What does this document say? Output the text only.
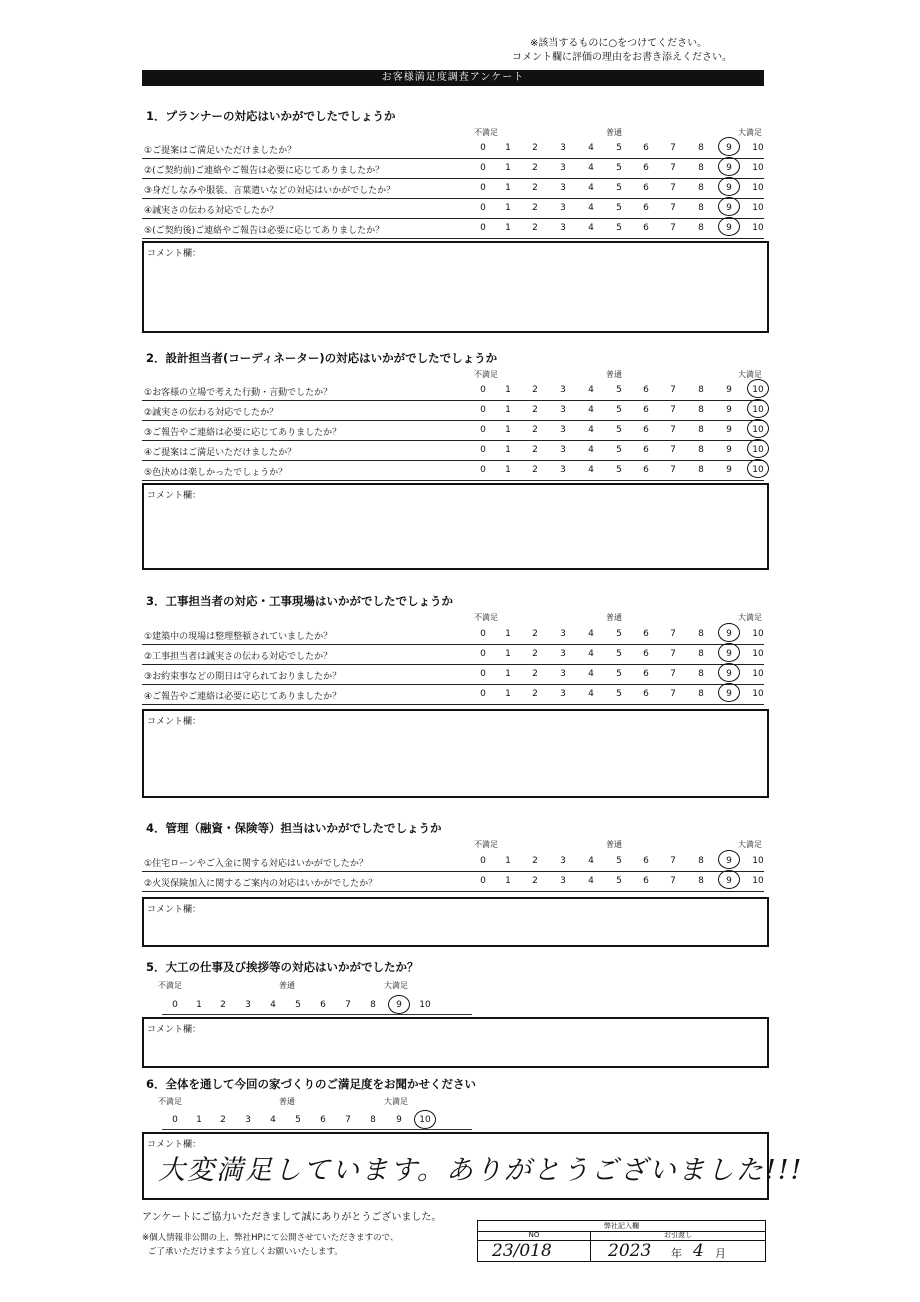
※該当するものに○をつけてください。
コメント欄に評価の理由をお書き添えください。
お客様満足度調査アンケート
1．プランナーの対応はいかがでしたでしょうか
不満足	普通	大満足
①ご提案はご満足いただけましたか？	0	1	2	3	4	5	6	7	8	9	10
②(ご契約前)ご連絡やご報告は必要に応じてありましたか？	0	1	2	3	4	5	6	7	8	9	10
③身だしなみや服装、言葉遣いなどの対応はいかがでしたか？	0	1	2	3	4	5	6	7	8	9	10
④誠実さの伝わる対応でしたか？	0	1	2	3	4	5	6	7	8	9	10
⑤(ご契約後)ご連絡やご報告は必要に応じてありましたか？	0	1	2	3	4	5	6	7	8	9	10
コメント欄：
2．設計担当者(コーディネーター)の対応はいかがでしたでしょうか
不満足	普通	大満足
①お客様の立場で考えた行動・言動でしたか？	0	1	2	3	4	5	6	7	8	9	10
②誠実さの伝わる対応でしたか？	0	1	2	3	4	5	6	7	8	9	10
③ご報告やご連絡は必要に応じてありましたか？	0	1	2	3	4	5	6	7	8	9	10
④ご提案はご満足いただけましたか？	0	1	2	3	4	5	6	7	8	9	10
⑤色決めは楽しかったでしょうか？	0	1	2	3	4	5	6	7	8	9	10
コメント欄：
3．工事担当者の対応・工事現場はいかがでしたでしょうか
不満足	普通	大満足
①建築中の現場は整理整頓されていましたか？	0	1	2	3	4	5	6	7	8	9	10
②工事担当者は誠実さの伝わる対応でしたか？	0	1	2	3	4	5	6	7	8	9	10
③お約束事などの期日は守られておりましたか？	0	1	2	3	4	5	6	7	8	9	10
④ご報告やご連絡は必要に応じてありましたか？	0	1	2	3	4	5	6	7	8	9	10
コメント欄：
4．管理（融資・保険等）担当はいかがでしたでしょうか
不満足	普通	大満足
①住宅ローンやご入金に関する対応はいかがでしたか？	0	1	2	3	4	5	6	7	8	9	10
②火災保険加入に関するご案内の対応はいかがでしたか？	0	1	2	3	4	5	6	7	8	9	10
コメント欄：
5．大工の仕事及び挨拶等の対応はいかがでしたか？
不満足	普通	大満足
0	1	2	3	4	5	6	7	8	9	10
コメント欄：
6．全体を通して今回の家づくりのご満足度をお聞かせください
不満足	普通	大満足
0	1	2	3	4	5	6	7	8	9	10
コメント欄：
大変満足しています。ありがとうございました!!!
アンケートにご協力いただきまして誠にありがとうございました。
※個人情報非公開の上、弊社HPにて公開させていただきますので、
ご了承いただけますよう宜しくお願いいたします。
弊社記入欄
NO	お引渡し
23/018	2023 年 4 月
